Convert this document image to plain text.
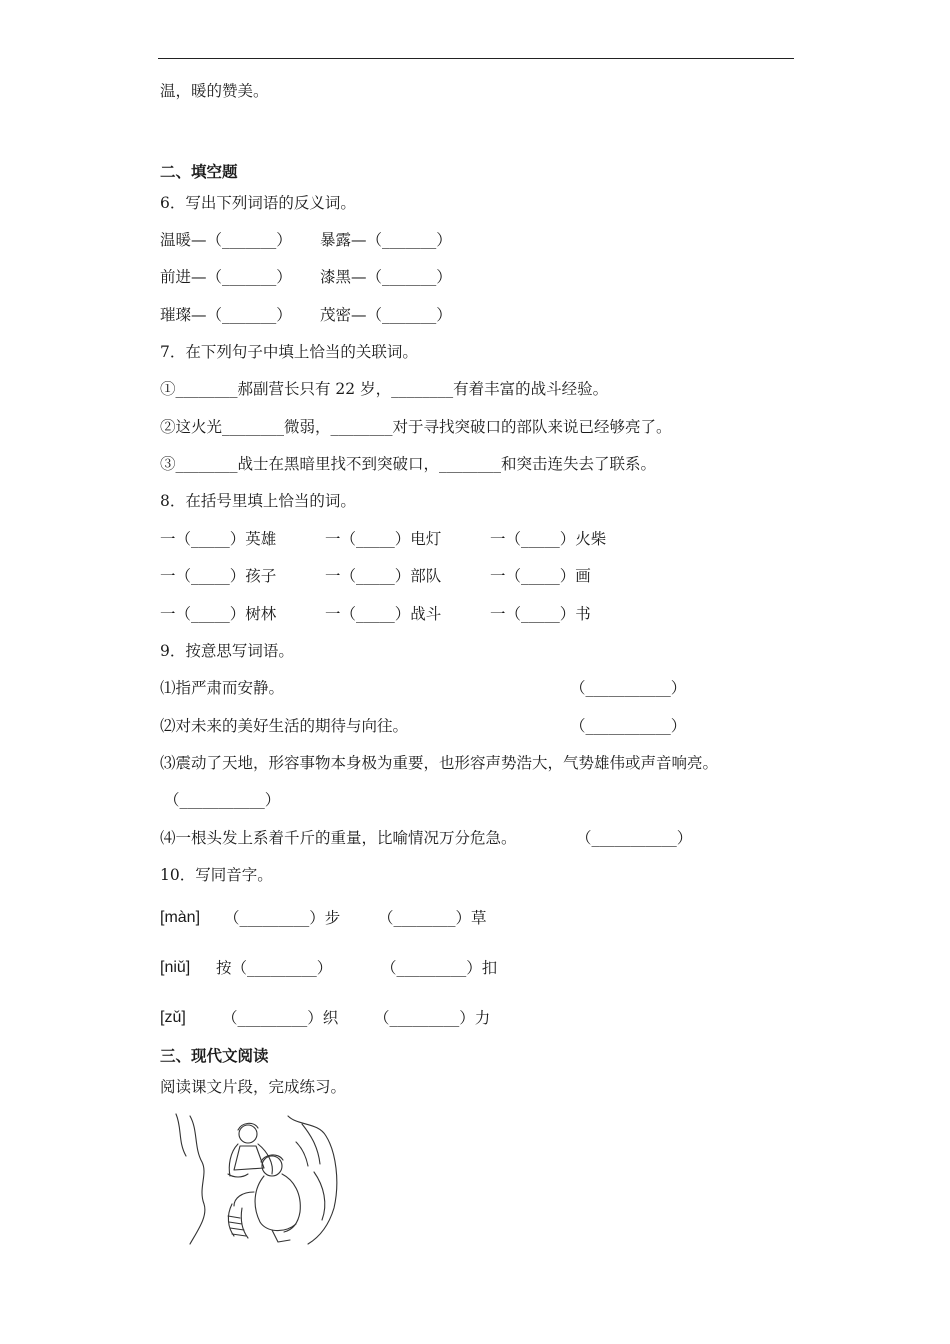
温，暖的赞美。
二、填空题
6．写出下列词语的反义词。
温暖—（_______） 暴露—（_______）
前进—（_______） 漆黑—（_______）
璀璨—（_______） 茂密—（_______）
7．在下列句子中填上恰当的关联词。
①________郝副营长只有 22 岁，________有着丰富的战斗经验。
②这火光________微弱，________对于寻找突破口的部队来说已经够亮了。
③________战士在黑暗里找不到突破口，________和突击连失去了联系。
8．在括号里填上恰当的词。
一（_____）英雄	一（_____）电灯	一（_____）火柴
一（_____）孩子	一（_____）部队	一（_____）画
一（_____）树林	一（_____）战斗	一（_____）书
9．按意思写词语。
⑴指严肃而安静。	（___________）
⑵对未来的美好生活的期待与向往。	（___________）
⑶震动了天地，形容事物本身极为重要，也形容声势浩大，气势雄伟或声音响亮。
（___________）
⑷一根头发上系着千斤的重量，比喻情况万分危急。	（___________）
10．写同音字。
[màn] （_________）步 （________）草
[niǔ] 按（_________）	（_________）扣
[zǔ] （_________）织 （_________）力
三、现代文阅读
阅读课文片段，完成练习。
